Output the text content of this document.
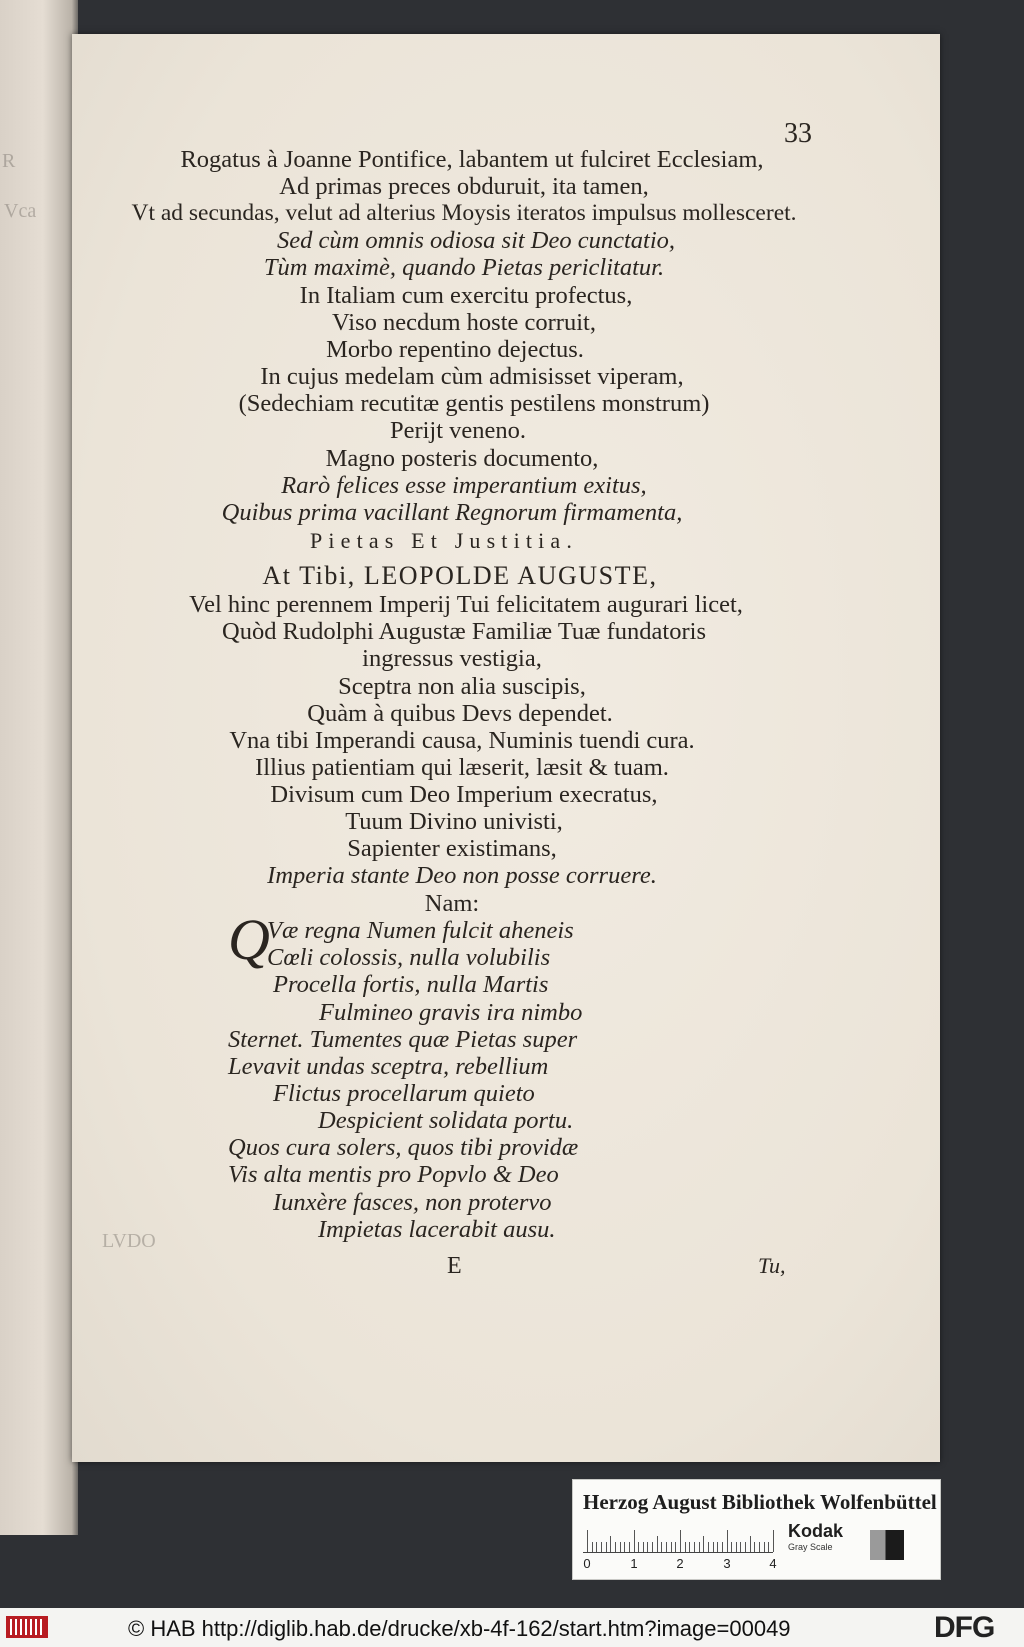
R
Vca
LVDO
33
Rogatus à Joanne Pontifice, labantem ut fulciret Ecclesiam,
Ad primas preces obduruit, ita tamen,
Vt ad secundas, velut ad alterius Moysis iteratos impulsus mollesceret.
Sed cùm omnis odiosa sit Deo cunctatio,
Tùm maximè, quando Pietas periclitatur.
In Italiam cum exercitu profectus,
Viso necdum hoste corruit,
Morbo repentino dejectus.
In cujus medelam cùm admisisset viperam,
(Sedechiam recutitæ gentis pestilens monstrum)
Perijt veneno.
Magno posteris documento,
Rarò felices esse imperantium exitus,
Quibus prima vacillant Regnorum firmamenta,
Pietas Et Justitia.
At Tibi, LEOPOLDE AUGUSTE,
Vel hinc perennem Imperij Tui felicitatem augurari licet,
Quòd Rudolphi Augustæ Familiæ Tuæ fundatoris
ingressus vestigia,
Sceptra non alia suscipis,
Quàm à quibus Devs dependet.
Vna tibi Imperandi causa, Numinis tuendi cura.
Illius patientiam qui læserit, læsit & tuam.
Divisum cum Deo Imperium execratus,
Tuum Divino univisti,
Sapienter existimans,
Imperia stante Deo non posse corruere.
Nam:
Q
Væ regna Numen fulcit aheneis
Cœli colossis, nulla volubilis
Procella fortis, nulla Martis
Fulmineo gravis ira nimbo
Sternet. Tumentes quæ Pietas super
Levavit undas sceptra, rebellium
Flictus procellarum quieto
Despicient solidata portu.
Quos cura solers, quos tibi providæ
Vis alta mentis pro Popvlo & Deo
Iunxère fasces, non protervo
Impietas lacerabit ausu.
E	Tu,
Herzog August Bibliothek Wolfenbüttel
0	1	2	3	4
Kodak
Gray Scale
© HAB http://diglib.hab.de/drucke/xb-4f-162/start.htm?image=00049	DFG
